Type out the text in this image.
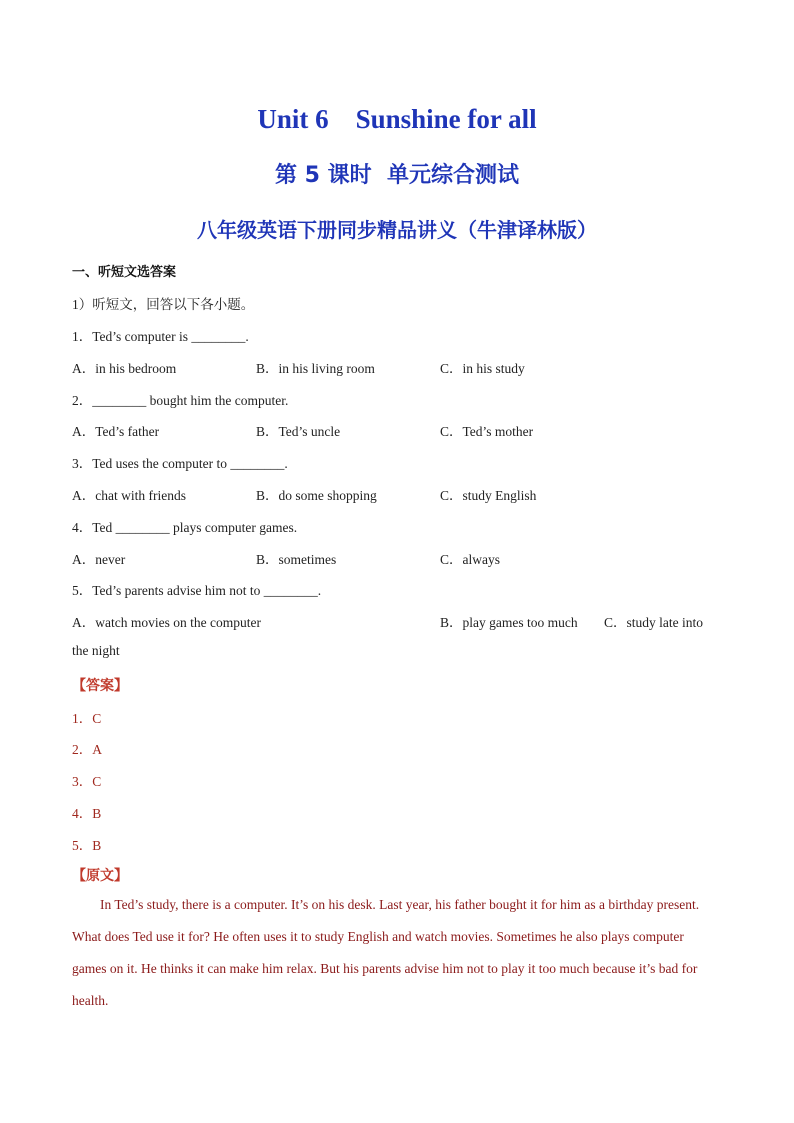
Unit 6    Sunshine for all
第 5 课时  单元综合测试
八年级英语下册同步精品讲义（牛津译林版）
一、听短文选答案
1）听短文，回答以下各小题。
1．Ted’s computer is ________.
A．in his bedroom	B．in his living room	C．in his study
2．________ bought him the computer.
A．Ted’s father	B．Ted’s uncle	C．Ted’s mother
3．Ted uses the computer to ________.
A．chat with friends	B．do some shopping	C．study English
4．Ted ________ plays computer games.
A．never	B．sometimes	C．always
5．Ted’s parents advise him not to ________.
A．watch movies on the computer	B．play games too much C．study late into
the night
【答案】
1．C
2．A
3．C
4．B
5．B
【原文】
In Ted’s study, there is a computer. It’s on his desk. Last year, his father bought it for him as a birthday present. What does Ted use it for? He often uses it to study English and watch movies. Sometimes he also plays computer games on it. He thinks it can make him relax. But his parents advise him not to play it too much because it’s bad for health.
